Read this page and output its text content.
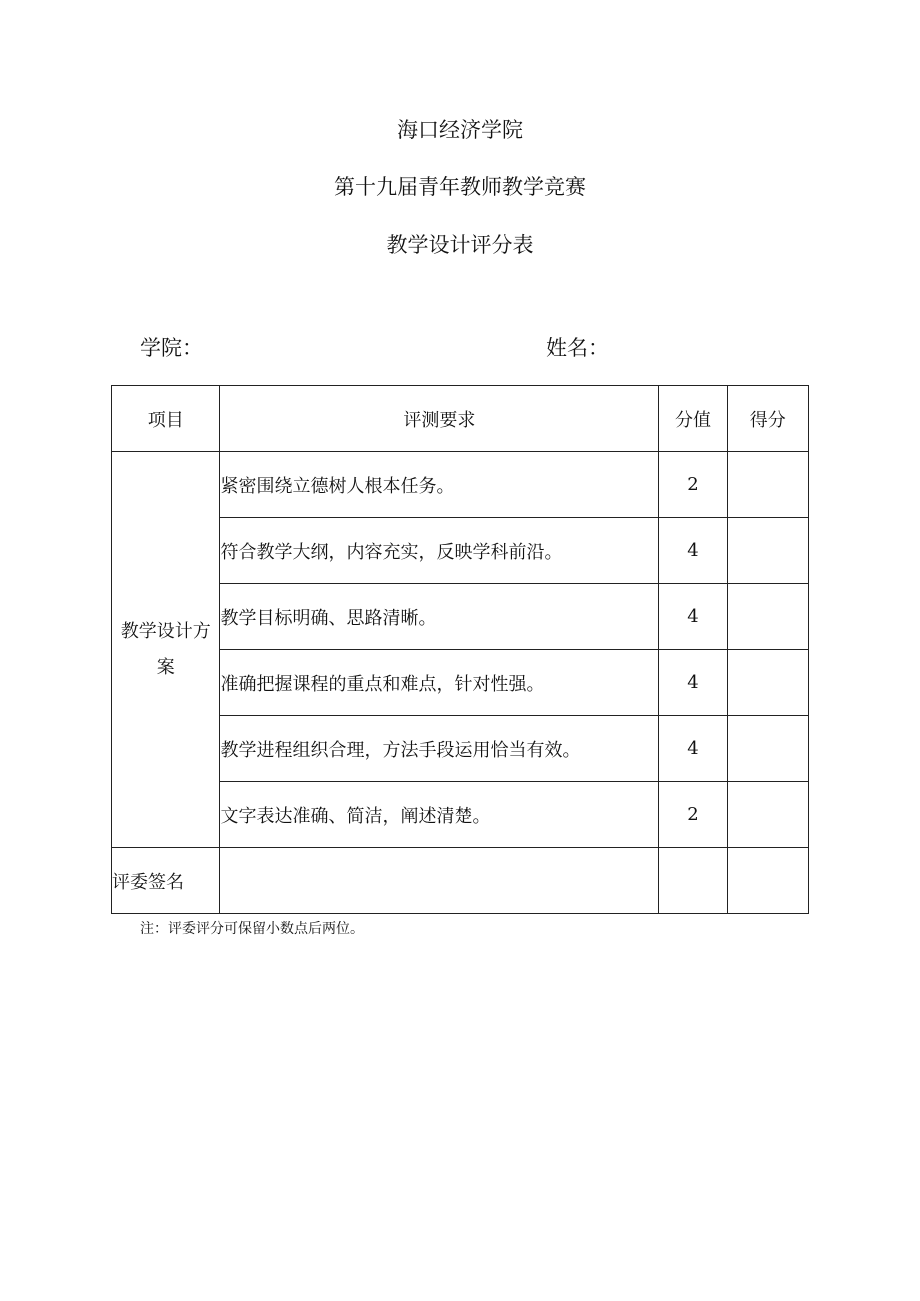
海口经济学院
第十九届青年教师教学竞赛
教学设计评分表
学院：	姓名：
项目	评测要求	分值	得分
教学设计方案	紧密围绕立德树人根本任务。	2	
	符合教学大纲，内容充实，反映学科前沿。	4	
	教学目标明确、思路清晰。	4	
	准确把握课程的重点和难点，针对性强。	4	
	教学进程组织合理，方法手段运用恰当有效。	4	
	文字表达准确、简洁，阐述清楚。	2	
评委签名			
注：评委评分可保留小数点后两位。
